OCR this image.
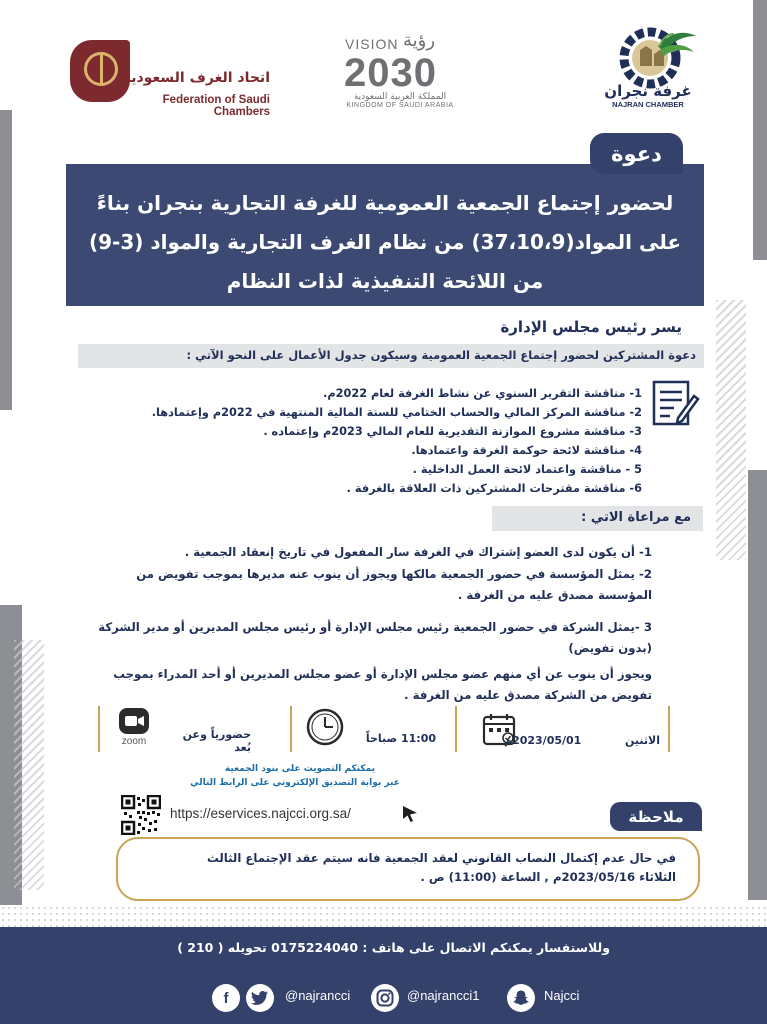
اتحاد الغرف السعودية
Federation of Saudi Chambers
VISION رؤية
2030
المملكة العربية السعودية
KINGDOM OF SAUDI ARABIA
غرفة نجران
NAJRAN CHAMBER
لحضور إجتماع الجمعية العمومية للغرفة التجارية بنجران بناءً
على المواد(37،10،9) من نظام الغرف التجارية والمواد (3-9)
من اللائحة التنفيذية لذات النظام
دعوة
يسر رئيس مجلس الإدارة
دعوة المشتركين لحضور إجتماع الجمعية العمومية وسيكون جدول الأعمال على النحو الآتي :
1- مناقشة التقرير السنوي عن نشاط الغرفة لعام 2022م.
2- مناقشة المركز المالي والحساب الختامي للسنة المالية المنتهية في 2022م وإعتمادها.
3- مناقشة مشروع الموازنة التقديرية للعام المالي 2023م وإعتماده .
4- مناقشة لائحة حوكمة الغرفة واعتمادها.
5 - مناقشة واعتماد لائحة العمل الداخلية .
6- مناقشة مقترحات المشتركين ذات العلاقة بالغرفة .
مع مراعاة الاتي :

1- أن يكون لدى العضو إشتراك في الغرفة سار المفعول في تاريخ إنعقاد الجمعية .

2- يمثل المؤسسة في حضور الجمعية مالكها ويجوز أن ينوب عنه مديرها بموجب تفويض من المؤسسة مصدق عليه من الغرفة .

3 -يمثل الشركة في حضور الجمعية رئيس مجلس الإدارة أو رئيس مجلس المديرين أو مدير الشركة (بدون تفويض)

ويجوز أن ينوب عن أي منهم عضو مجلس الإدارة أو عضو مجلس المديرين أو أحد المدراء بموجب تفويض من الشركة مصدق عليه من الغرفة .

zoom
حضورياً وعن بُعد
11:00 صباحاً	الاثنين  2023/05/01م
يمكنكم التصويت على بنود الجمعية
عبر بوابة التصديق الإلكتروني على الرابط التالي
https://eservices.najcci.org.sa/

في حال عدم إكتمال النصاب القانوني لعقد الجمعية فانه سيتم عقد الإجتماع الثالث

الثلاثاء 2023/05/16م , الساعة (11:00) ص .

ملاحظة
وللاستفسار يمكنكم الاتصال على هاتف : 0175224040 تحويله ( 210 )
f	@najrancci	@najrancci1	Najcci
